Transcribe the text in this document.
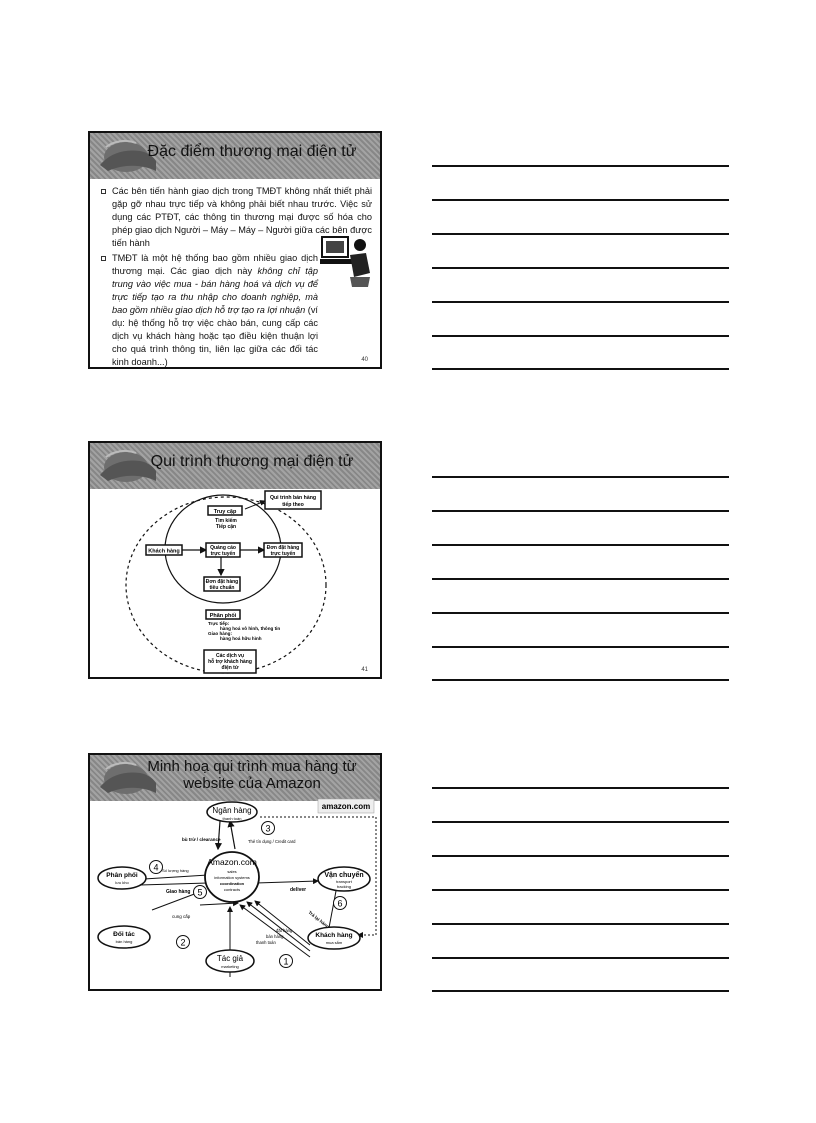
Đặc điểm thương mại điện tử
Các bên tiến hành giao dịch trong TMĐT không nhất thiết phải gặp gỡ nhau trực tiếp và không phải biết nhau trước. Việc sử dụng các PTĐT, các thông tin thương mại được số hóa cho phép giao dịch Người – Máy – Máy – Người giữa các bên được tiến hành
TMĐT là một hệ thống bao gồm nhiều giao dịch thương mại. Các giao dịch này không chỉ tập trung vào việc mua - bán hàng hoá và dịch vụ để trực tiếp tạo ra thu nhập cho doanh nghiệp, mà bao gồm nhiều giao dịch hỗ trợ tạo ra lợi nhuận (ví dụ: hệ thống hỗ trợ việc chào bán, cung cấp các dịch vụ khách hàng hoặc tạo điều kiện thuận lợi cho quá trình thông tin, liên lạc giữa các đối tác kinh doanh...)	40
Qui trình thương mại điện tử
Truy cập
Tìm kiếm
Tiếp cận
Qui trình bán hàng
tiếp theo
Khách hàng
Quảng cáo
trực tuyến
Đơn đặt hàng
trực tuyến
Đơn đặt hàng
tiêu chuẩn
Phân phối
Trực tiếp:
hàng hoá vô hình, thông tin
Giao hàng:
hàng hoá hữu hình
Các dịch vụ
hỗ trợ khách hàng
điện tử	41
Minh hoạ qui trình mua hàng từ
website của Amazon
amazon.com
Ngân hàng
thanh toán
bù trừ / clearance	Thẻ tín dụng / Credit card
Amazon.com
sales
information systems
coordination
contracts
Phân phối
lưu kho
Số lượng hàng
Giao hàng
Vận chuyển
transport
tracking
deliver
Trả lại hàng
Đối tác
bán hàng
cung cấp
Khách hàng
mua sắm
đặt hàng
bán hàng
thanh toán
Tác giả
marketing
3
4
5
6
2
1
